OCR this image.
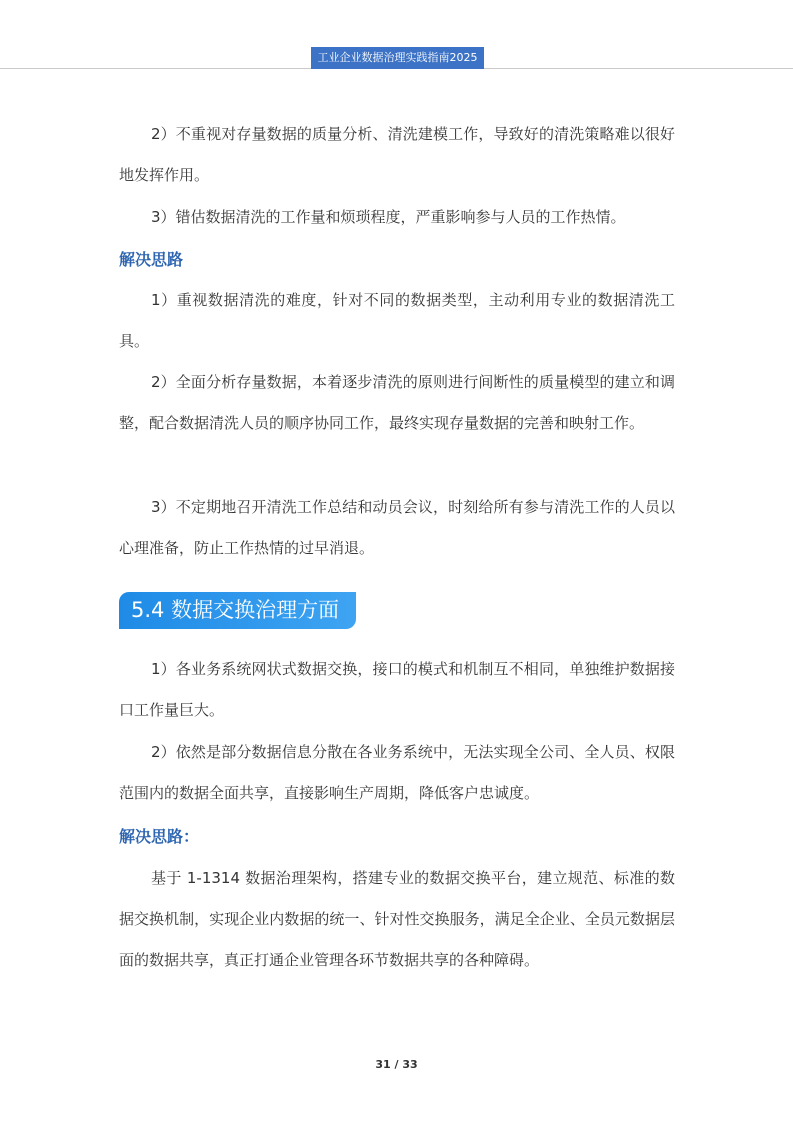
工业企业数据治理实践指南2025

2）不重视对存量数据的质量分析、清洗建模工作，导致好的清洗策略难以很好地发挥作用。

3）错估数据清洗的工作量和烦琐程度，严重影响参与人员的工作热情。

解决思路

1）重视数据清洗的难度，针对不同的数据类型，主动利用专业的数据清洗工具。

2）全面分析存量数据，本着逐步清洗的原则进行间断性的质量模型的建立和调整，配合数据清洗人员的顺序协同工作，最终实现存量数据的完善和映射工作。

3）不定期地召开清洗工作总结和动员会议，时刻给所有参与清洗工作的人员以心理准备，防止工作热情的过早消退。

5.4 数据交换治理方面

1）各业务系统网状式数据交换，接口的模式和机制互不相同，单独维护数据接口工作量巨大。

2）依然是部分数据信息分散在各业务系统中，无法实现全公司、全人员、权限范围内的数据全面共享，直接影响生产周期，降低客户忠诚度。

解决思路：

基于 1-1314 数据治理架构，搭建专业的数据交换平台，建立规范、标准的数据交换机制，实现企业内数据的统一、针对性交换服务，满足全企业、全员元数据层面的数据共享，真正打通企业管理各环节数据共享的各种障碍。

31 / 33
